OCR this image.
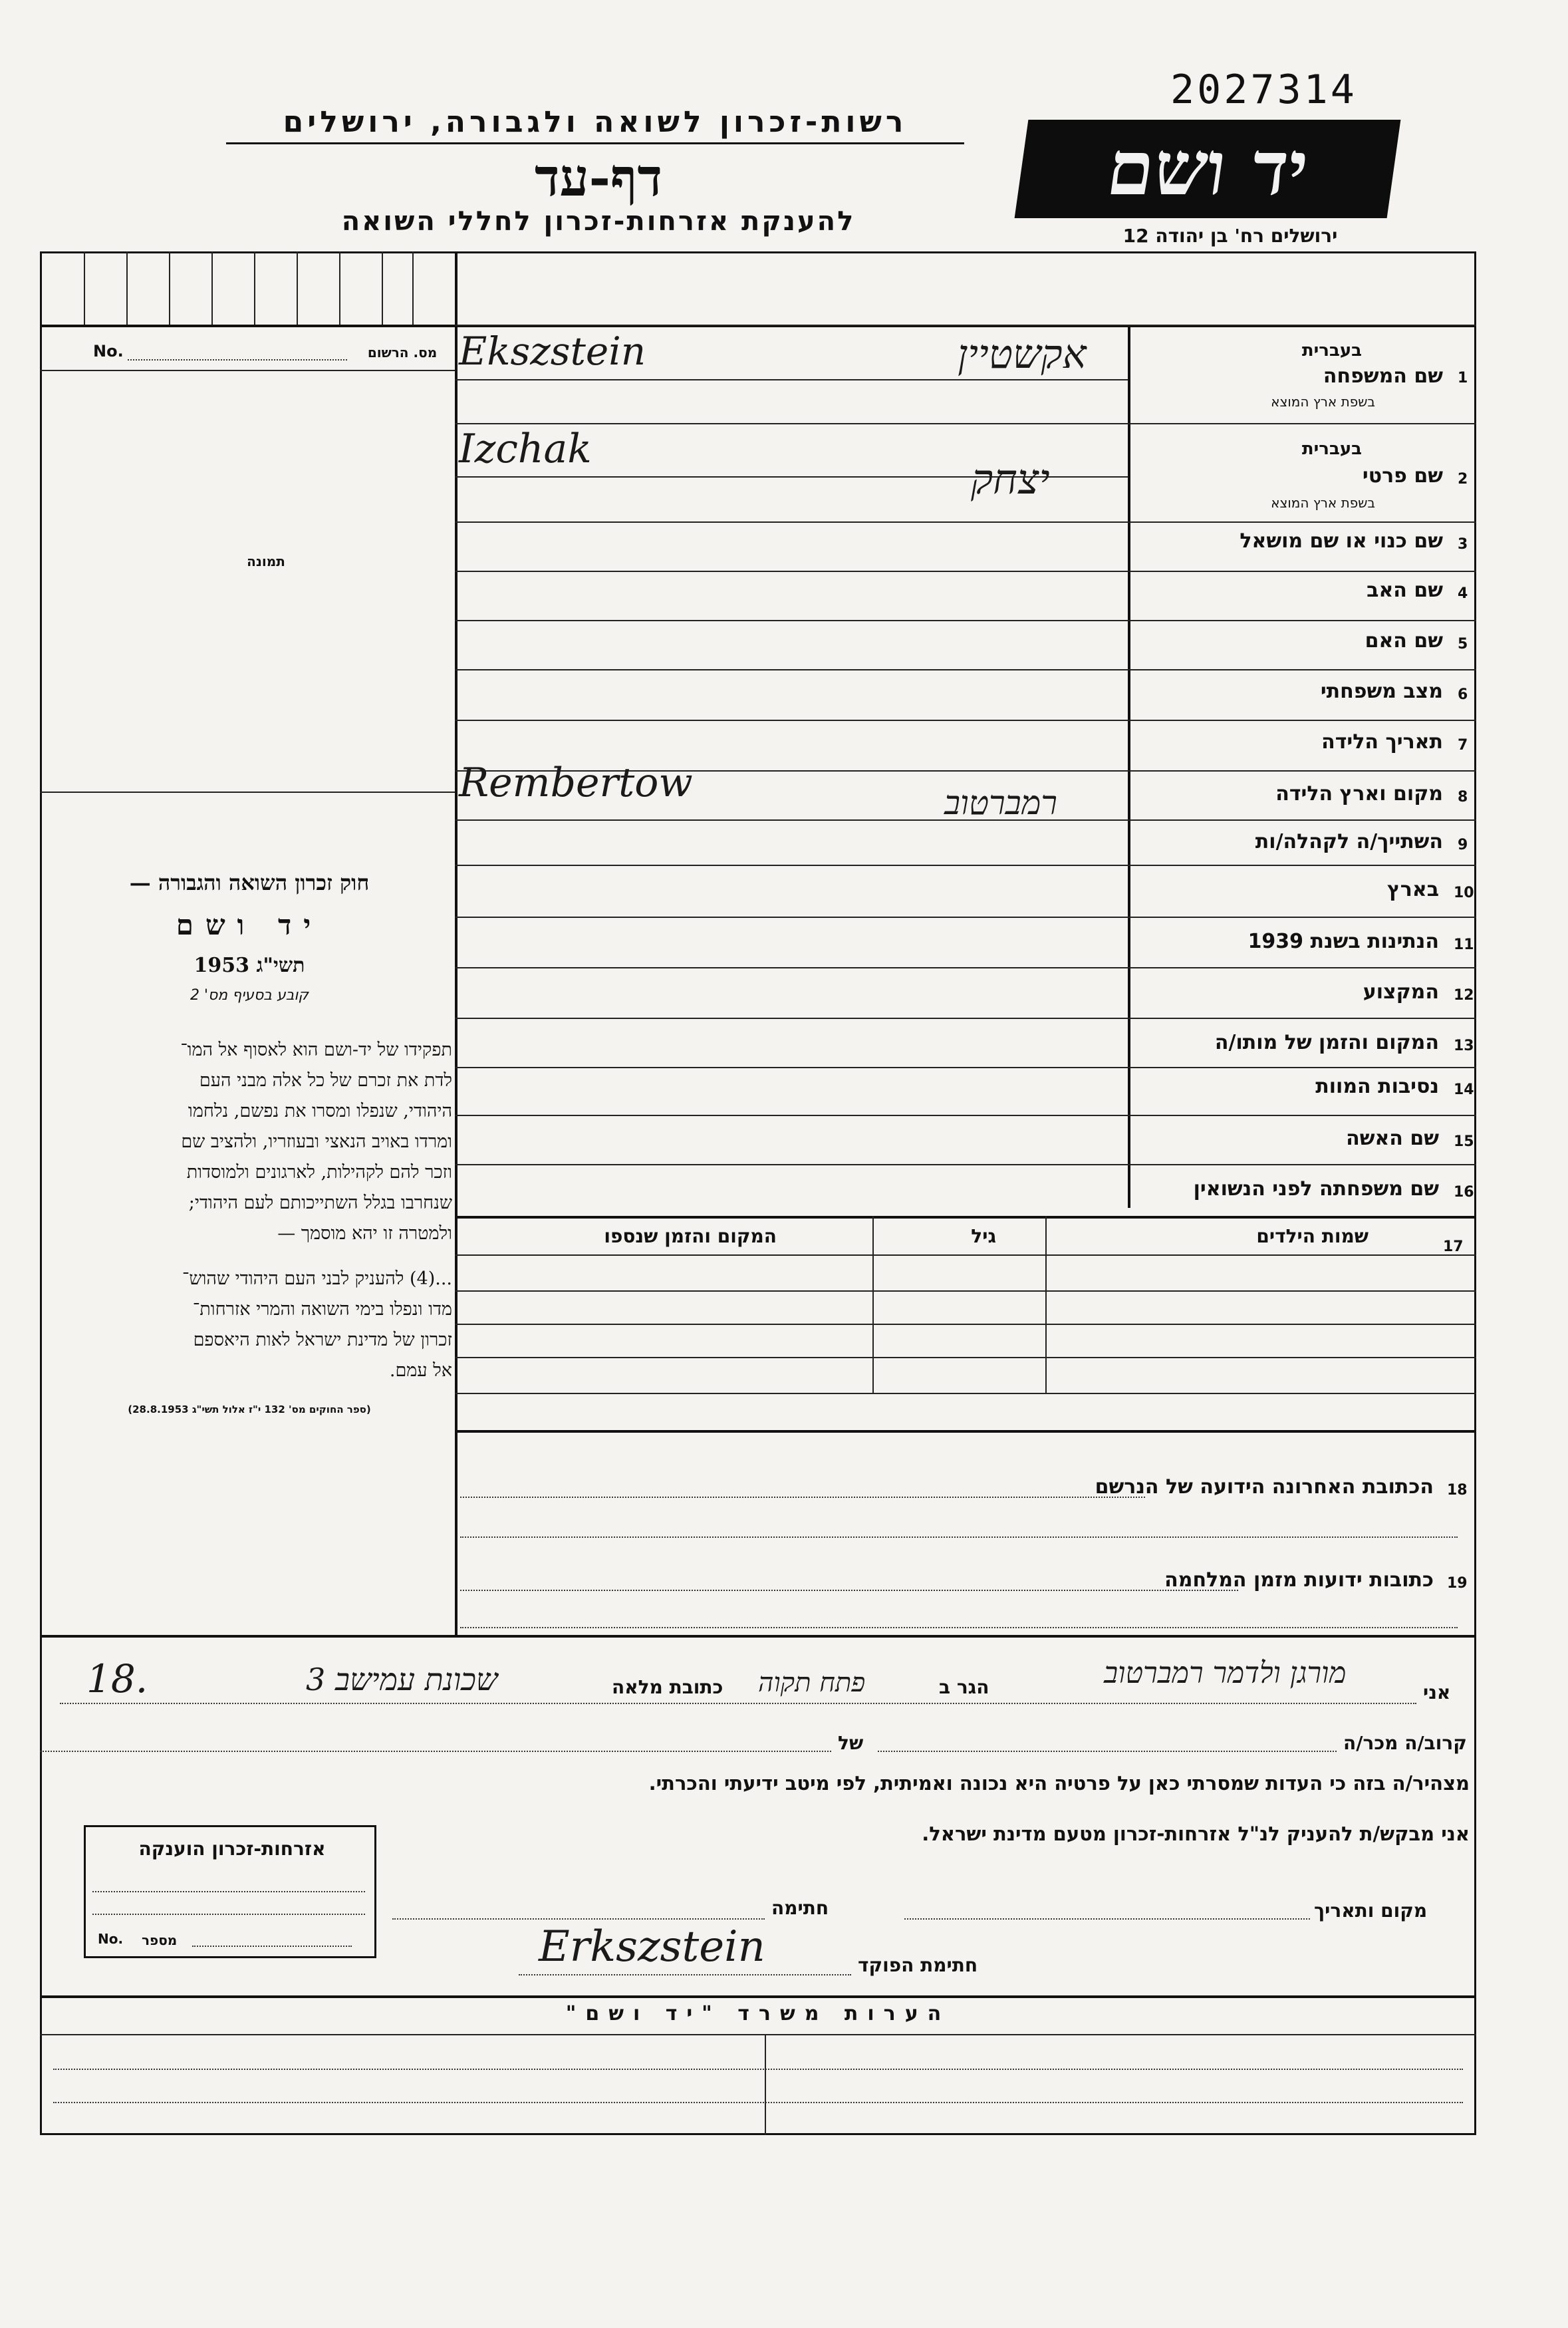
רשות-זכרון לשואה ולגבורה, ירושלים
דף-עד
להענקת אזרחות-זכרון לחללי השואה
2027314
יד ושם
ירושלים רח' בן יהודה 12
No.	מס. הרשום
תמונה
חוק זכרון השואה והגבורה —
יד ושם
תשי"ג 1953
קובע בסעיף מס' 2
תפקידו של יד-ושם הוא לאסוף אל המו־
לדת את זכרם של כל אלה מבני העם
היהודי, שנפלו ומסרו את נפשם, נלחמו
ומרדו באויב הנאצי ובעוזריו, ולהציב שם
וזכר להם לקהילות, לארגונים ולמוסדות
שנחרבו בגלל השתייכותם לעם היהודי;
ולמטרה זו יהא מוסמך —
...(4) להעניק לבני העם היהודי שהוש־
מדו ונפלו בימי השואה והמרי אזרחות־
זכרון של מדינת ישראל לאות היאספם
אל עמם.
(ספר החוקים מס' 132 י"ז אלול תשי"ג 28.8.1953)
1
שם המשפחה
בעברית
בשפת ארץ המוצא
אקשטיין
Ekszstein
2
שם פרטי
בעברית
בשפת ארץ המוצא
יצחק
Izchak
3
שם כנוי או שם מושאל
4
שם האב
5
שם האם
6
מצב משפחתי
7
תאריך הלידה
8
מקום וארץ הלידה
רמברטוב
Rembertow
9
השתייך/ה לקהלה/ות
10
בארץ
11
הנתינות בשנת 1939
12
המקצוע
13
המקום והזמן של מותו/ה
14
נסיבות המוות
15
שם האשה
16
שם משפחתה לפני הנשואין
17
שמות הילדים
גיל
המקום והזמן שנספו
18
הכתובת האחרונה הידועה של הנרשם
19
כתובות ידועות מזמן המלחמה
אני
מורגן ולדמר רמברטוב
הגר ב
פתח תקוה
כתובת מלאה
שכונת עמישב 3
18.
קרוב/ה מכר/ה
של
מצהיר/ה בזה כי העדות שמסרתי כאן על פרטיה היא נכונה ואמיתית, לפי מיטב ידיעתי והכרתי.
אני מבקש/ת להעניק לנ"ל אזרחות-זכרון מטעם מדינת ישראל.
מקום ותאריך
חתימה
חתימת הפוקד
Erkszstein
אזרחות-זכרון הוענקה
No. מספר
הערות משרד "יד ושם"
